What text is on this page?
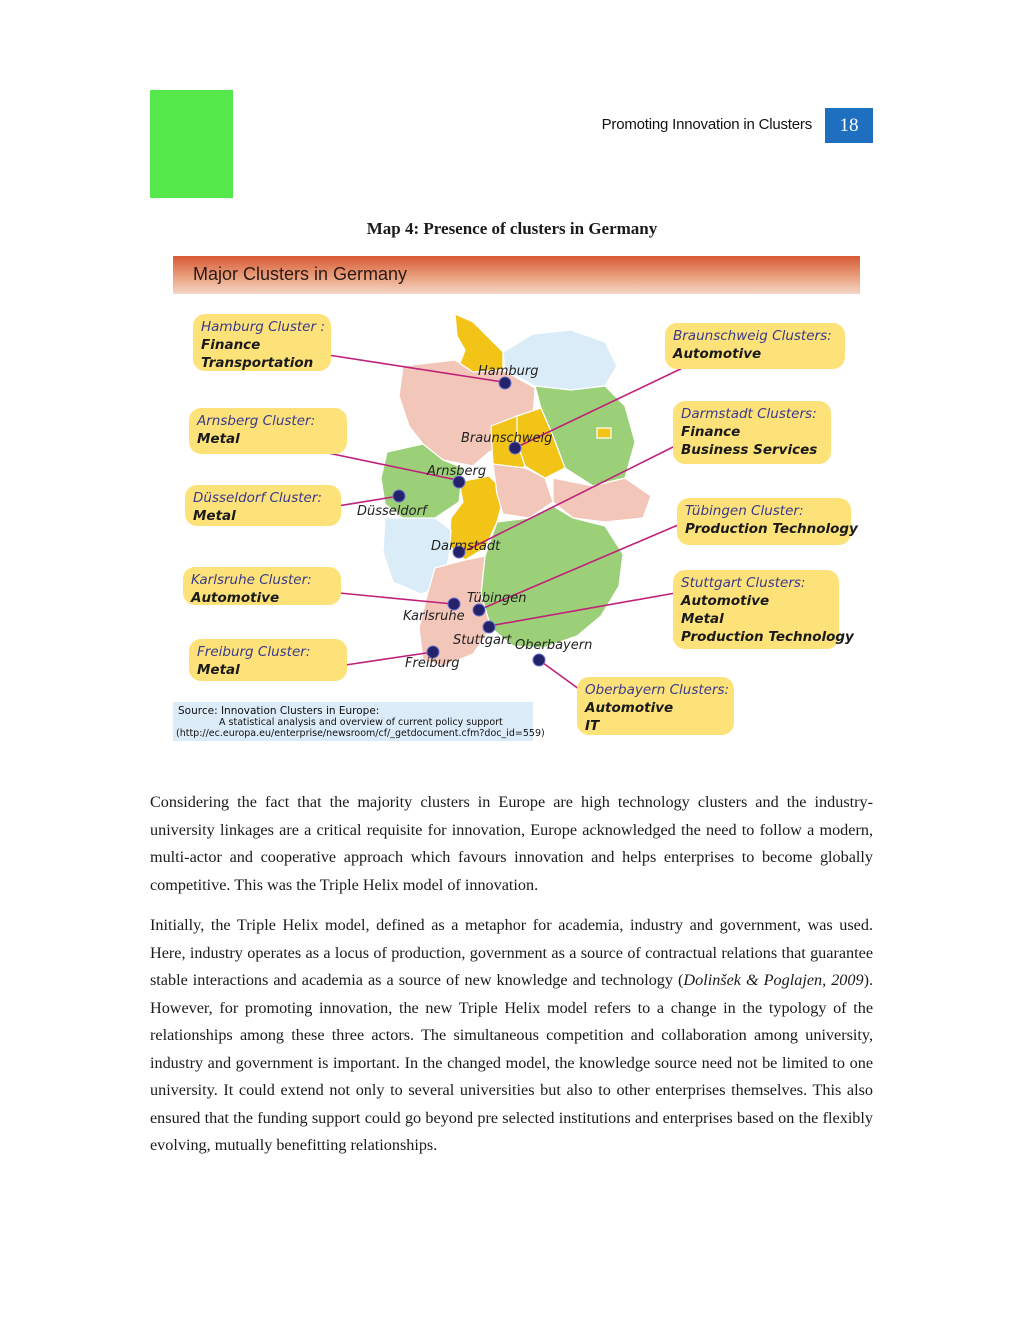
Promoting Innovation in Clusters	18
Map 4: Presence of clusters in Germany
Major Clusters in Germany
Hamburg
Braunschweig
Arnsberg
Düsseldorf
Darmstadt
Tübingen
Karlsruhe
Stuttgart Oberbayern
Freiburg
Hamburg Cluster :
Finance
Transportation
Arnsberg Cluster:
Metal
Düsseldorf Cluster:
Metal
Karlsruhe Cluster:
Automotive
Freiburg Cluster:
Metal
Braunschweig Clusters:
Automotive
Darmstadt Clusters:
Finance
Business Services
Tübingen Cluster:
Production Technology
Stuttgart Clusters:
Automotive
Metal
Production Technology
Oberbayern Clusters:
Automotive
IT
Source: Innovation Clusters in Europe:
A statistical analysis and overview of current policy support
(http://ec.europa.eu/enterprise/newsroom/cf/_getdocument.cfm?doc_id=559)

Considering the fact that the majority clusters in Europe are high technology clusters and the industry-university linkages are a critical requisite for innovation, Europe acknowledged the need to follow a modern, multi-actor and cooperative approach which favours innovation and helps enterprises to become globally competitive. This was the Triple Helix model of innovation.

Initially, the Triple Helix model, defined as a metaphor for academia, industry and government, was used. Here, industry operates as a locus of production, government as a source of contractual relations that guarantee stable interactions and academia as a source of new knowledge and technology (Dolinšek & Poglajen, 2009). However, for promoting innovation, the new Triple Helix model refers to a change in the typology of the relationships among these three actors. The simultaneous competition and collaboration among university, industry and government is important. In the changed model, the knowledge source need not be limited to one university. It could extend not only to several universities but also to other enterprises themselves. This also ensured that the funding support could go beyond pre selected institutions and enterprises based on the flexibly evolving, mutually benefitting relationships.
